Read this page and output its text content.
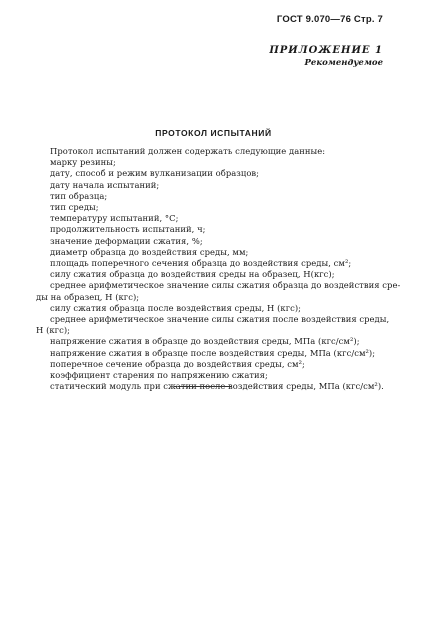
ГОСТ 9.070—76 Стр. 7
ПРИЛОЖЕНИЕ 1
Рекомендуемое
ПРОТОКОЛ ИСПЫТАНИЙ
Протокол испытаний должен содержать следующие данные:
марку резины;
дату, способ и режим вулканизации образцов;
дату начала испытаний;
тип образца;
тип среды;
температуру испытаний, °С;
продолжительность испытаний, ч;
значение деформации сжатия, %;
диаметр образца до воздействия среды, мм;
площадь поперечного сечения образца до воздействия среды, см²;
силу сжатия образца до воздействия среды на образец, Н(кгс);
среднее арифметическое значение силы сжатия образца до воздействия сре-
ды на образец, Н (кгс);
силу сжатия образца после воздействия среды, Н (кгс);
среднее арифметическое значение силы сжатия после воздействия среды,
Н (кгс);
напряжение сжатия в образце до воздействия среды, МПа (кгс/см²);
напряжение сжатия в образце после воздействия среды, МПа (кгс/см²);
поперечное сечение образца до воздействия среды, см²;
коэффициент старения по напряжению сжатия;
статический модуль при сжатии после воздействия среды, МПа (кгс/см²).
